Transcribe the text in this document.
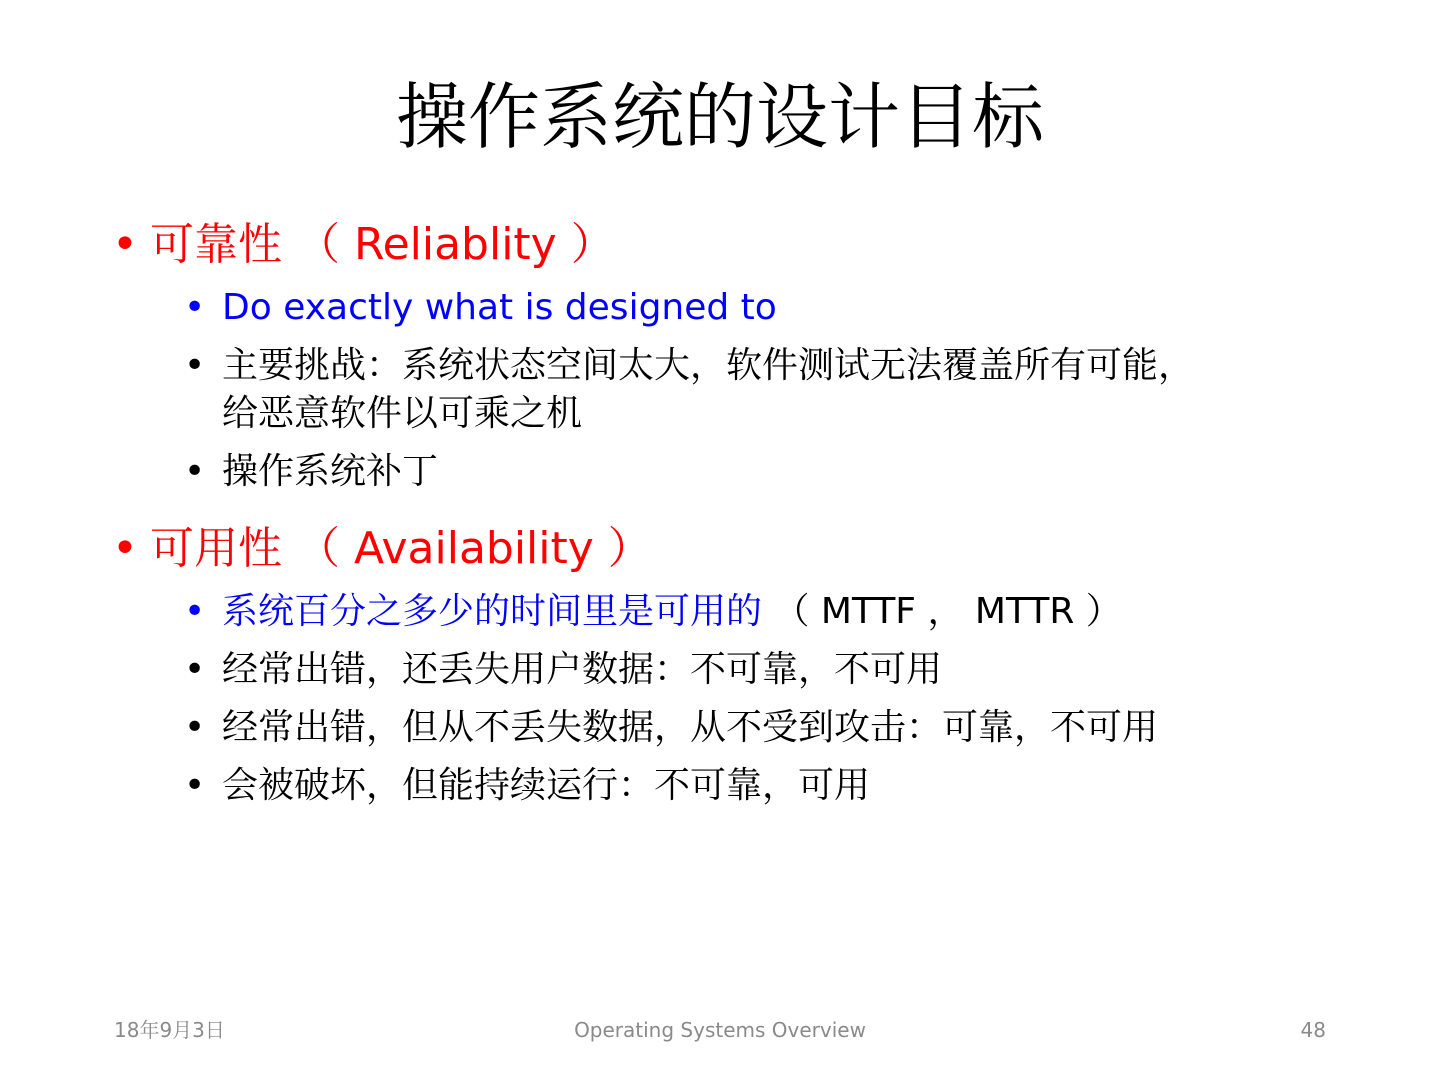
操作系统的设计目标
• 可靠性 （ Reliablity ）
• Do exactly what is designed to
• 主要挑战：系统状态空间太大，软件测试无法覆盖所有可能，
给恶意软件以可乘之机
• 操作系统补丁
• 可用性 （ Availability ）
• 系统百分之多少的时间里是可用的 （ MTTF ， MTTR ）
• 经常出错，还丢失用户数据：不可靠，不可用
• 经常出错，但从不丢失数据，从不受到攻击：可靠，不可用
• 会被破坏，但能持续运行：不可靠，可用
18年9月3日	Operating Systems Overview	48
